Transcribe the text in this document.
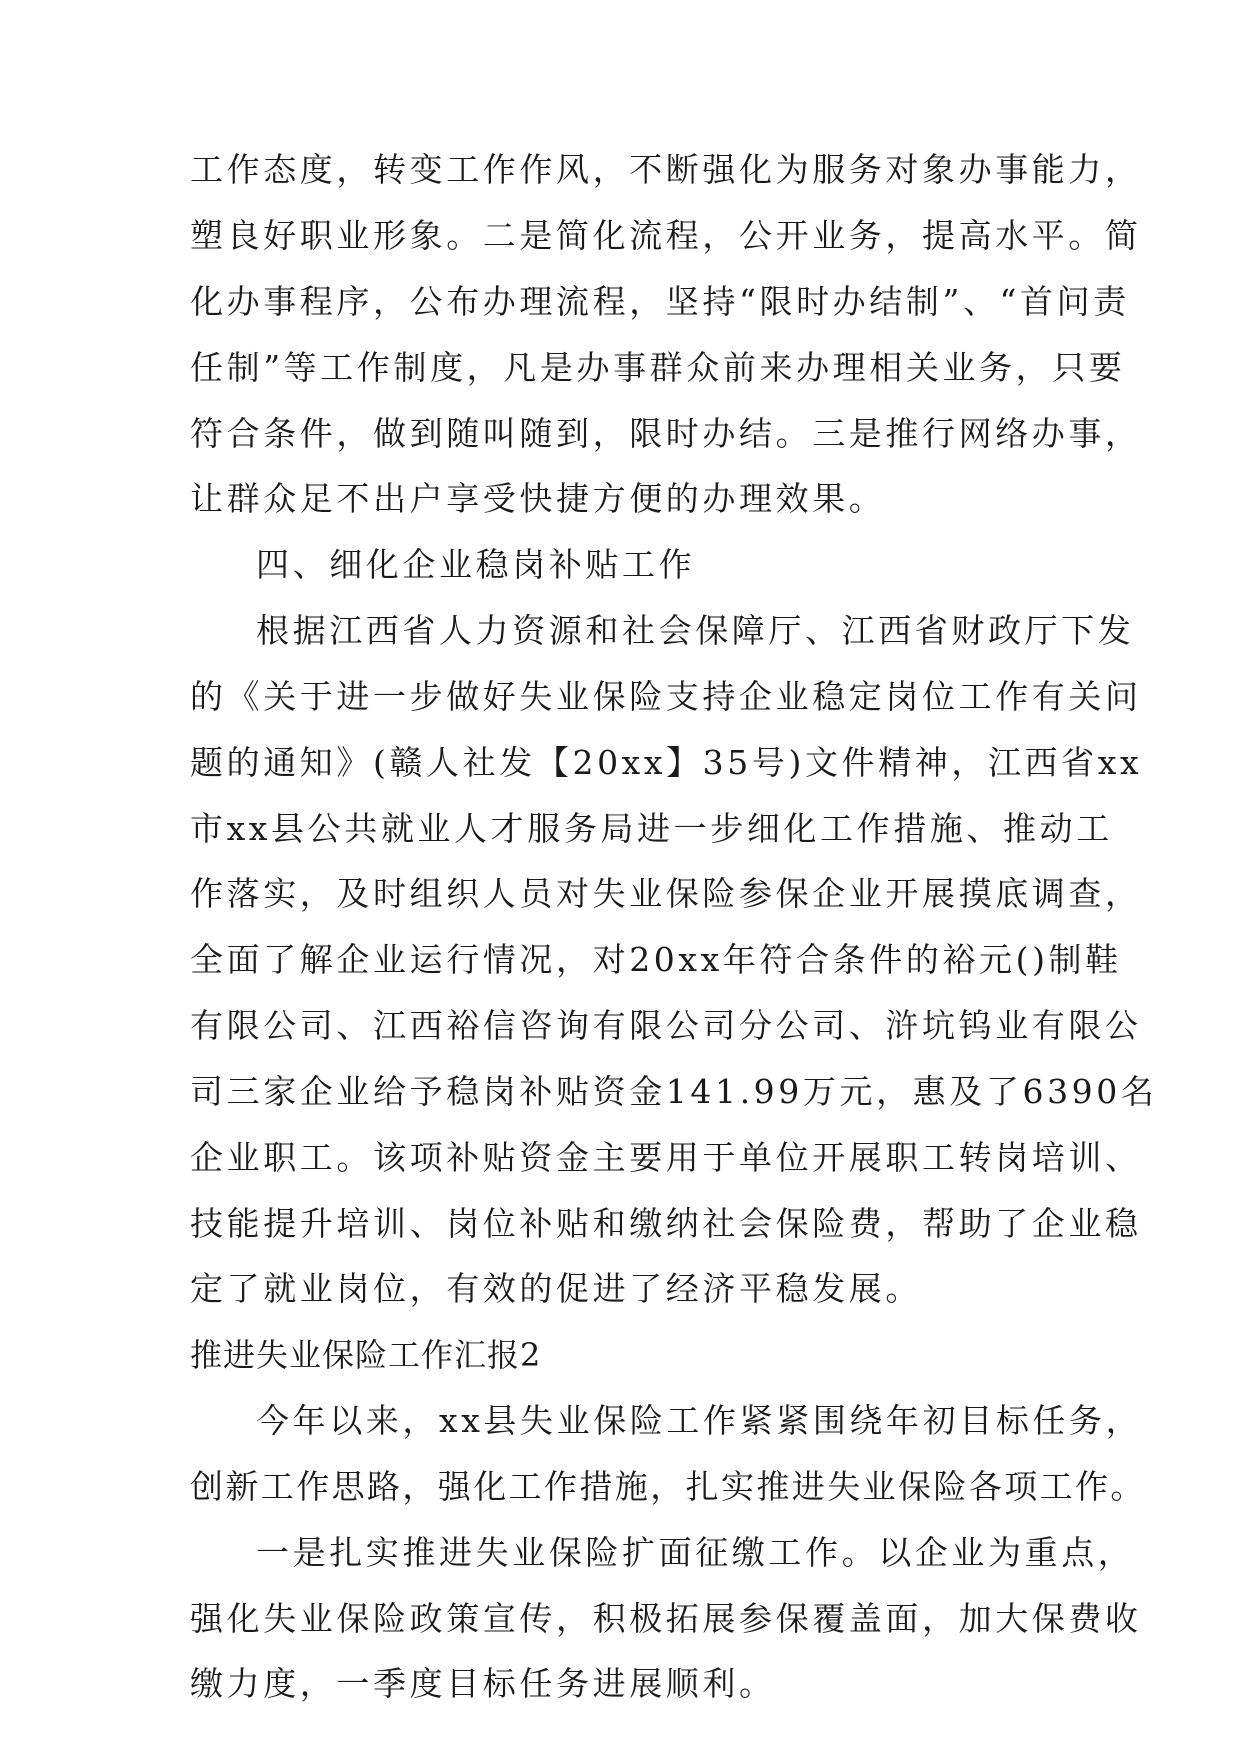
工作态度，转变工作作风，不断强化为服务对象办事能力，
塑良好职业形象。二是简化流程，公开业务，提高水平。简
化办事程序，公布办理流程，坚持“限时办结制”、“首问责
任制”等工作制度，凡是办事群众前来办理相关业务，只要
符合条件，做到随叫随到，限时办结。三是推行网络办事，
让群众足不出户享受快捷方便的办理效果。
四、细化企业稳岗补贴工作
根据江西省人力资源和社会保障厅、江西省财政厅下发
的《关于进一步做好失业保险支持企业稳定岗位工作有关问
题的通知》(赣人社发【20xx】35号)文件精神，江西省xx
市xx县公共就业人才服务局进一步细化工作措施、推动工
作落实，及时组织人员对失业保险参保企业开展摸底调查，
全面了解企业运行情况，对20xx年符合条件的裕元()制鞋
有限公司、江西裕信咨询有限公司分公司、浒坑钨业有限公
司三家企业给予稳岗补贴资金141.99万元，惠及了6390名
企业职工。该项补贴资金主要用于单位开展职工转岗培训、
技能提升培训、岗位补贴和缴纳社会保险费，帮助了企业稳
定了就业岗位，有效的促进了经济平稳发展。
推进失业保险工作汇报2
今年以来，xx县失业保险工作紧紧围绕年初目标任务，
创新工作思路，强化工作措施，扎实推进失业保险各项工作。
一是扎实推进失业保险扩面征缴工作。以企业为重点，
强化失业保险政策宣传，积极拓展参保覆盖面，加大保费收
缴力度，一季度目标任务进展顺利。
